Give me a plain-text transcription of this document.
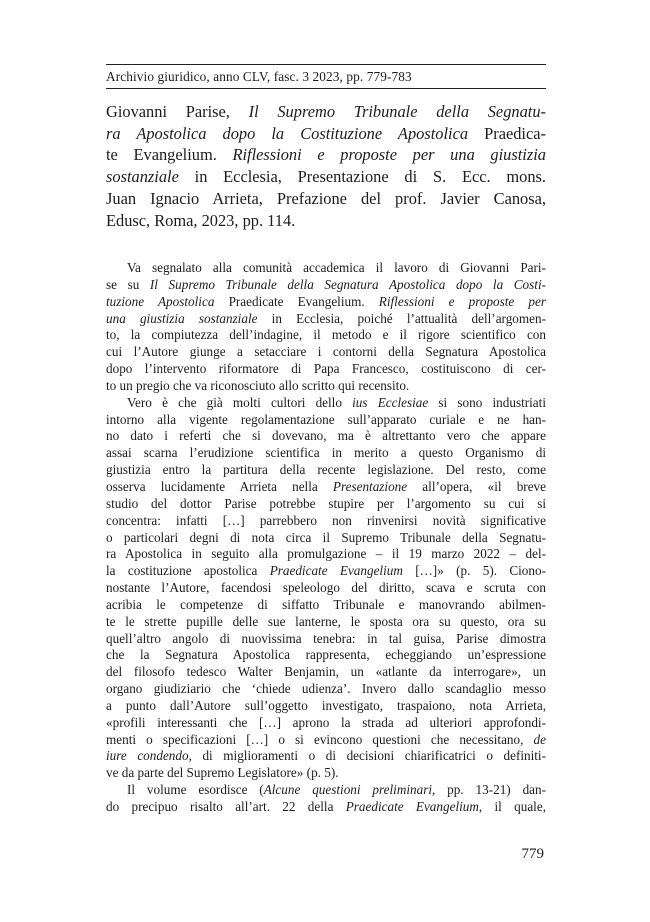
Archivio giuridico, anno CLV, fasc. 3 2023, pp. 779-783
Giovanni Parise, Il Supremo Tribunale della Segnatu-
ra Apostolica dopo la Costituzione Apostolica Praedica-
te Evangelium. Riflessioni e proposte per una giustizia
sostanziale in Ecclesia, Presentazione di S. Ecc. mons.
Juan Ignacio Arrieta, Prefazione del prof. Javier Canosa,
Edusc, Roma, 2023, pp. 114.
Va segnalato alla comunità accademica il lavoro di Giovanni Pari-
se su Il Supremo Tribunale della Segnatura Apostolica dopo la Costi-
tuzione Apostolica Praedicate Evangelium. Riflessioni e proposte per
una giustizia sostanziale in Ecclesia, poiché l’attualità dell’argomen-
to, la compiutezza dell’indagine, il metodo e il rigore scientifico con
cui l’Autore giunge a setacciare i contorni della Segnatura Apostolica
dopo l’intervento riformatore di Papa Francesco, costituiscono di cer-
to un pregio che va riconosciuto allo scritto qui recensito.
Vero è che già molti cultori dello ius Ecclesiae si sono industriati
intorno alla vigente regolamentazione sull’apparato curiale e ne han-
no dato i referti che si dovevano, ma è altrettanto vero che appare
assai scarna l’erudizione scientifica in merito a questo Organismo di
giustizia entro la partitura della recente legislazione. Del resto, come
osserva lucidamente Arrieta nella Presentazione all’opera, «il breve
studio del dottor Parise potrebbe stupire per l’argomento su cui si
concentra: infatti […] parrebbero non rinvenirsi novità significative
o particolari degni di nota circa il Supremo Tribunale della Segnatu-
ra Apostolica in seguito alla promulgazione – il 19 marzo 2022 – del-
la costituzione apostolica Praedicate Evangelium […]» (p. 5). Ciono-
nostante l’Autore, facendosi speleologo del diritto, scava e scruta con
acribia le competenze di siffatto Tribunale e manovrando abilmen-
te le strette pupille delle sue lanterne, le sposta ora su questo, ora su
quell’altro angolo di nuovissima tenebra: in tal guisa, Parise dimostra
che la Segnatura Apostolica rappresenta, echeggiando un’espressione
del filosofo tedesco Walter Benjamin, un «atlante da interrogare», un
organo giudiziario che ‘chiede udienza’. Invero dallo scandaglio messo
a punto dall’Autore sull’oggetto investigato, traspaiono, nota Arrieta,
«profili interessanti che […] aprono la strada ad ulteriori approfondi-
menti o specificazioni […] o si evincono questioni che necessitano, de
iure condendo, di miglioramenti o di decisioni chiarificatrici o definiti-
ve da parte del Supremo Legislatore» (p. 5).
Il volume esordisce (Alcune questioni preliminari, pp. 13-21) dan-
do precipuo risalto all’art. 22 della Praedicate Evangelium, il quale,
779
